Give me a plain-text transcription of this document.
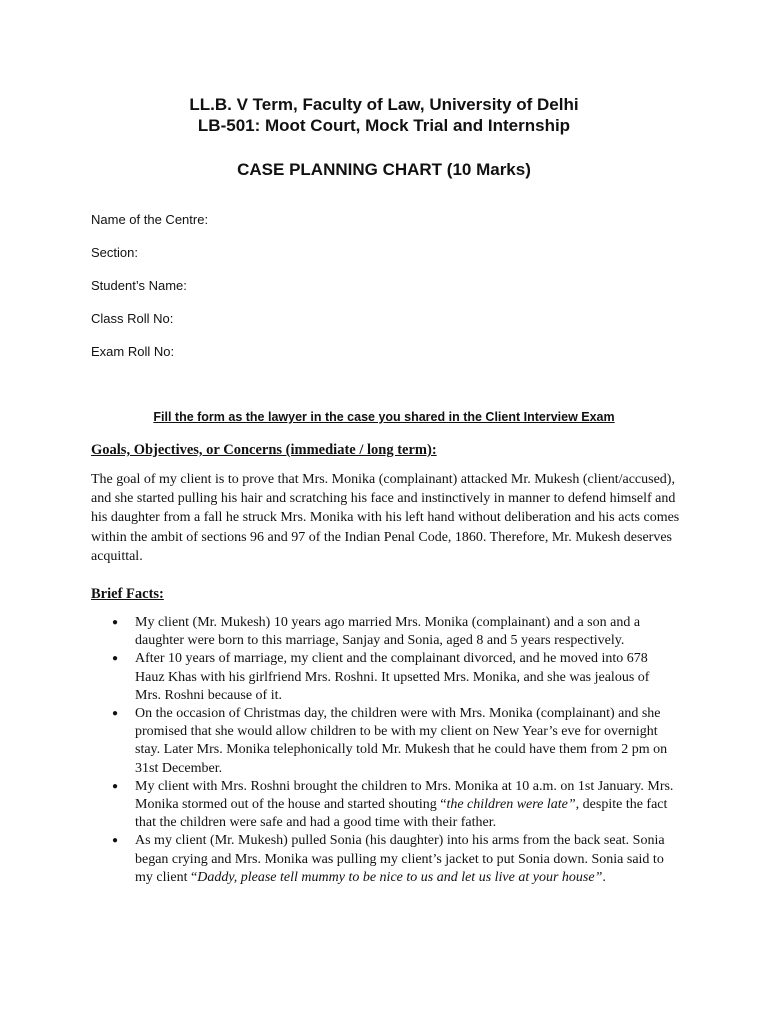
LL.B. V Term, Faculty of Law, University of Delhi
LB-501: Moot Court, Mock Trial and Internship
CASE PLANNING CHART (10 Marks)
Name of the Centre:
Section:
Student’s Name:
Class Roll No:
Exam Roll No:
Fill the form as the lawyer in the case you shared in the Client Interview Exam
Goals, Objectives, or Concerns (immediate / long term):

The goal of my client is to prove that Mrs. Monika (complainant) attacked Mr. Mukesh (client/accused), and she started pulling his hair and scratching his face and instinctively in manner to defend himself and his daughter from a fall he struck Mrs. Monika with his left hand without deliberation and his acts comes within the ambit of sections 96 and 97 of the Indian Penal Code, 1860. Therefore, Mr. Mukesh deserves acquittal.

Brief Facts:
● My client (Mr. Mukesh) 10 years ago married Mrs. Monika (complainant) and a son and a daughter were born to this marriage, Sanjay and Sonia, aged 8 and 5 years respectively.
● After 10 years of marriage, my client and the complainant divorced, and he moved into 678 Hauz Khas with his girlfriend Mrs. Roshni. It upsetted Mrs. Monika, and she was jealous of Mrs. Roshni because of it.
● On the occasion of Christmas day, the children were with Mrs. Monika (complainant) and she promised that she would allow children to be with my client on New Year’s eve for overnight stay. Later Mrs. Monika telephonically told Mr. Mukesh that he could have them from 2 pm on 31st December.
● My client with Mrs. Roshni brought the children to Mrs. Monika at 10 a.m. on 1st January. Mrs. Monika stormed out of the house and started shouting “the children were late”, despite the fact that the children were safe and had a good time with their father.
● As my client (Mr. Mukesh) pulled Sonia (his daughter) into his arms from the back seat. Sonia began crying and Mrs. Monika was pulling my client’s jacket to put Sonia down. Sonia said to my client “Daddy, please tell mummy to be nice to us and let us live at your house”.
